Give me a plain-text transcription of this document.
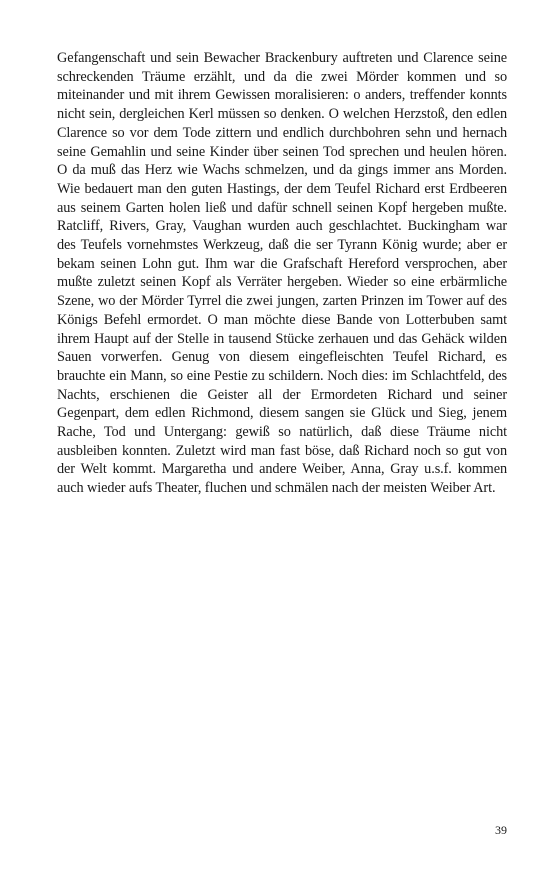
Gefangenschaft und sein Bewacher Brackenbury auftreten und Clarence seine schreckenden Träume erzählt, und da die zwei Mörder kommen und so miteinander und mit ihrem Gewissen moralisieren: o anders, treffender konnts nicht sein, dergleichen Kerl müssen so denken. O welchen Herzstoß, den edlen Clarence so vor dem Tode zittern und endlich durchbohren sehn und hernach seine Gemahlin und seine Kinder über seinen Tod sprechen und heulen hören. O da muß das Herz wie Wachs schmelzen, und da gings immer ans Morden. Wie bedauert man den guten Hastings, der dem Teufel Richard erst Erdbeeren aus seinem Garten holen ließ und dafür schnell seinen Kopf hergeben mußte. Ratcliff, Rivers, Gray, Vaughan wurden auch geschlachtet. Buckingham war des Teufels vornehmstes Werkzeug, daß die ser Tyrann König wurde; aber er bekam seinen Lohn gut. Ihm war die Grafschaft Hereford versprochen, aber mußte zuletzt seinen Kopf als Verräter hergeben. Wieder so eine erbärmliche Szene, wo der Mörder Tyrrel die zwei jungen, zarten Prinzen im Tower auf des Königs Befehl ermordet. O man möchte diese Bande von Lotterbuben samt ihrem Haupt auf der Stelle in tausend Stücke zerhauen und das Gehäck wilden Sauen vorwerfen. Genug von diesem eingefleischten Teufel Richard, es brauchte ein Mann, so eine Pestie zu schildern. Noch dies: im Schlachtfeld, des Nachts, erschienen die Geister all der Ermordeten Richard und seiner Gegenpart, dem edlen Richmond, diesem sangen sie Glück und Sieg, jenem Rache, Tod und Untergang: gewiß so natürlich, daß diese Träume nicht ausbleiben konnten. Zuletzt wird man fast böse, daß Richard noch so gut von der Welt kommt. Margaretha und andere Weiber, Anna, Gray u.s.f. kommen auch wieder aufs Theater, fluchen und schmälen nach der meisten Weiber Art.

39
